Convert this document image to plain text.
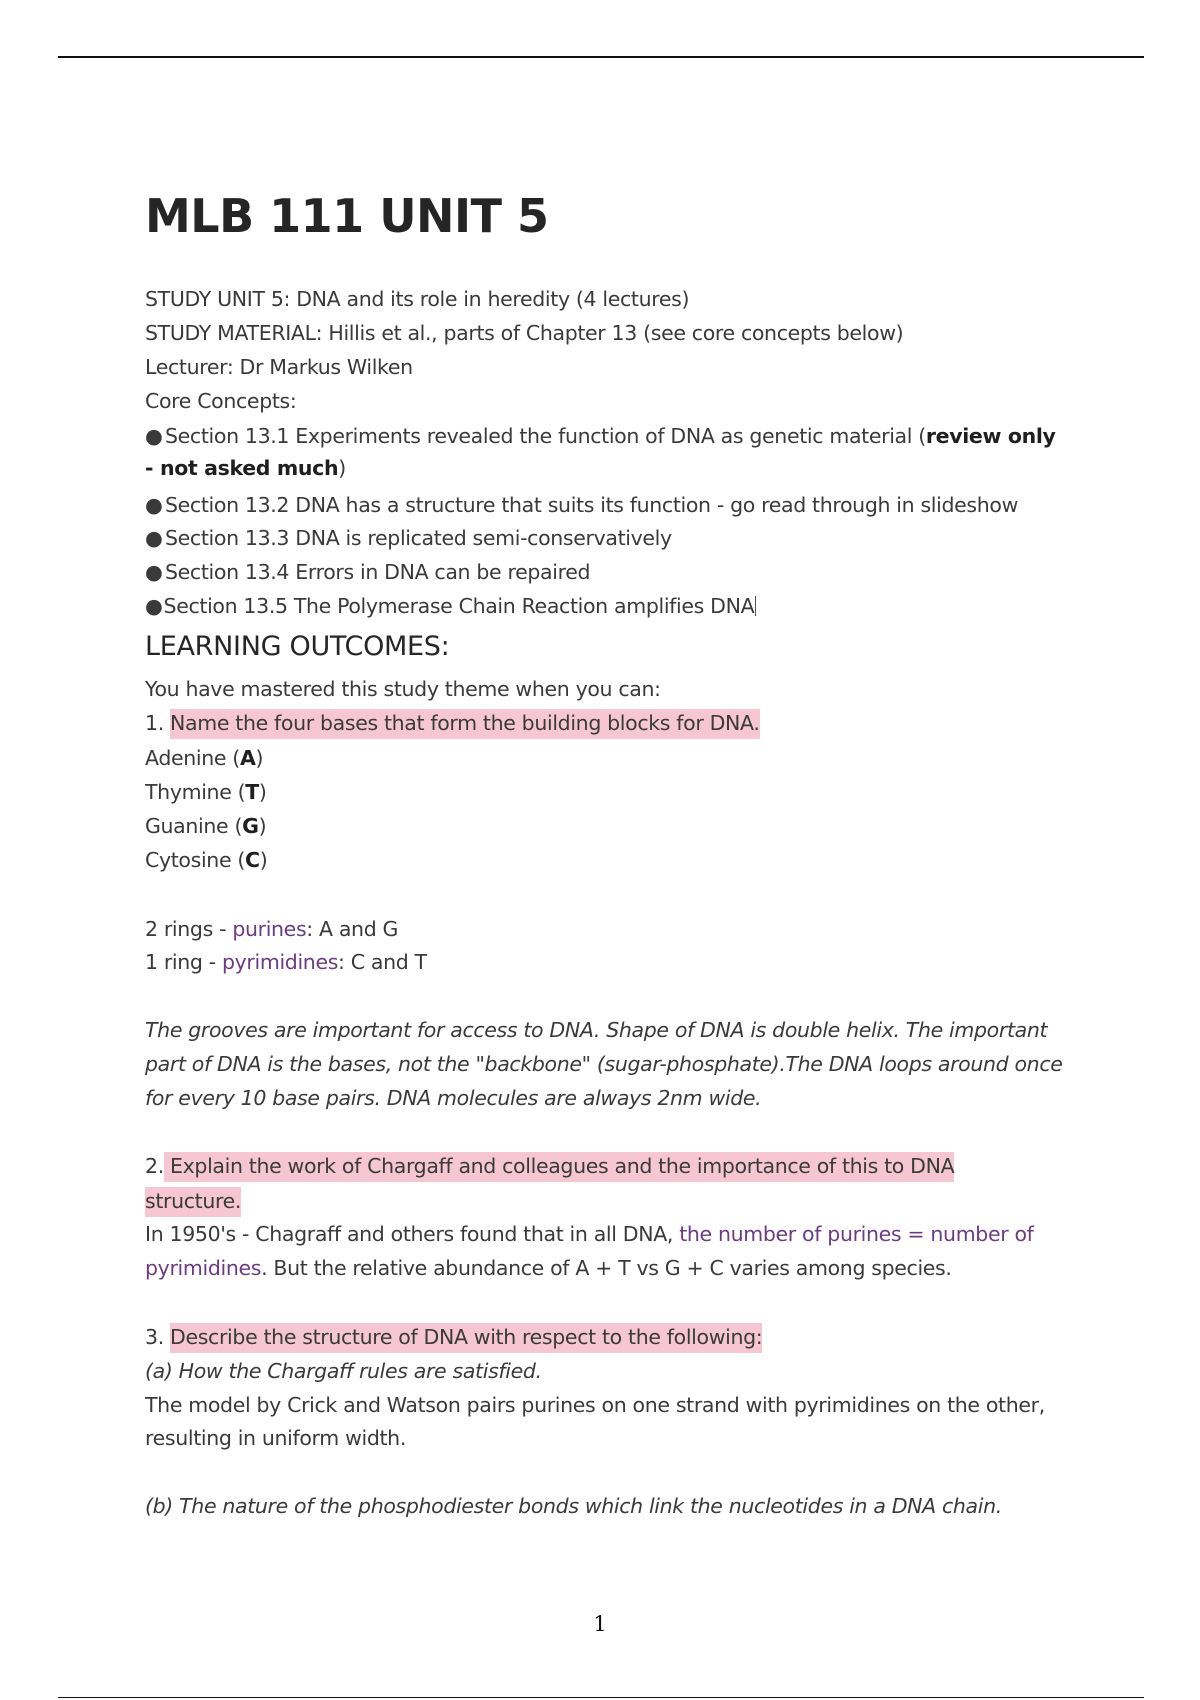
MLB 111 UNIT 5
STUDY UNIT 5: DNA and its role in heredity (4 lectures)
STUDY MATERIAL: Hillis et al., parts of Chapter 13 (see core concepts below)
Lecturer: Dr Markus Wilken
Core Concepts:
● Section 13.1 Experiments revealed the function of DNA as genetic material (review only
- not asked much)
● Section 13.2 DNA has a structure that suits its function - go read through in slideshow
● Section 13.3 DNA is replicated semi-conservatively
● Section 13.4 Errors in DNA can be repaired
●Section 13.5 The Polymerase Chain Reaction amplifies DNA
LEARNING OUTCOMES:
You have mastered this study theme when you can:
1. Name the four bases that form the building blocks for DNA.
Adenine (A)
Thymine (T)
Guanine (G)
Cytosine (C)
2 rings - purines: A and G
1 ring - pyrimidines: C and T
The grooves are important for access to DNA. Shape of DNA is double helix. The important
part of DNA is the bases, not the "backbone" (sugar-phosphate).The DNA loops around once
for every 10 base pairs. DNA molecules are always 2nm wide.
2. Explain the work of Chargaff and colleagues and the importance of this to DNA
structure.
In 1950's - Chagraff and others found that in all DNA, the number of purines = number of
pyrimidines. But the relative abundance of A + T vs G + C varies among species.
3. Describe the structure of DNA with respect to the following:
(a) How the Chargaff rules are satisfied.
The model by Crick and Watson pairs purines on one strand with pyrimidines on the other,
resulting in uniform width.
(b) The nature of the phosphodiester bonds which link the nucleotides in a DNA chain.
1
